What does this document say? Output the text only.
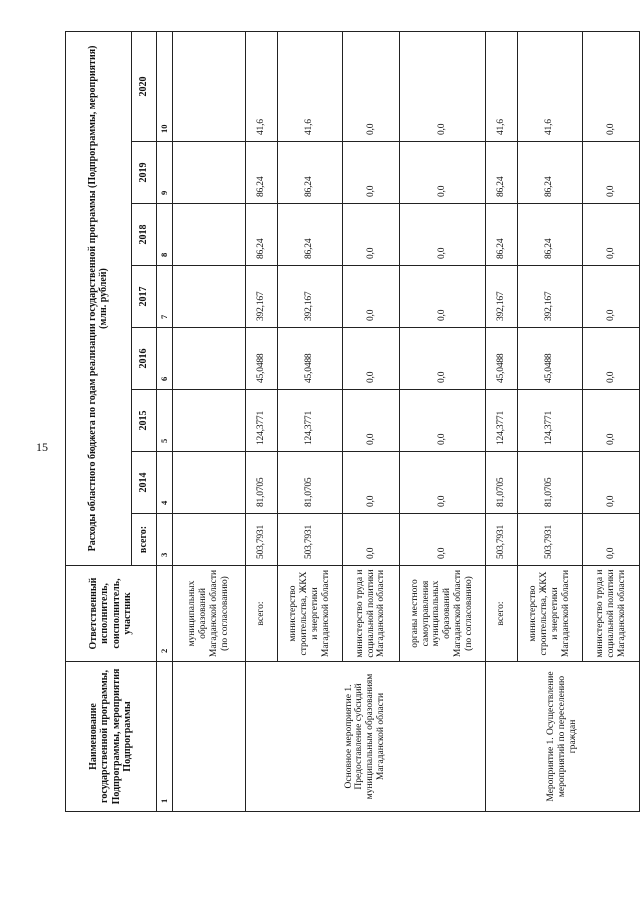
15
Наименование государственной программы, Подпрограммы, мероприятия Подпрограммы	Ответственный исполнитель, соисполнитель, участник	Расходы областного бюджета по годам реализации государственной программы (Подпрограммы, мероприятия) (млн. рублей)							
		всего:	2014	2015	2016	2017	2018	2019	2020
1	2	3	4	5	6	7	8	9	10
	муниципальных образований Магаданской области (по согласованию)								
Основное мероприятие 1. Предоставление субсидий муниципальным образованиям Магаданской области	всего:	503,7931	81,0705	124,3771	45,0488	392,167	86,24	86,24	41,6
	министерство строительства, ЖКХ и энергетики Магаданской области	503,7931	81,0705	124,3771	45,0488	392,167	86,24	86,24	41,6
	министерство труда и социальной политики Магаданской области	0,0	0,0	0,0	0,0	0,0	0,0	0,0	0,0
	органы местного самоуправления муниципальных образований Магаданской области (по согласованию)	0,0	0,0	0,0	0,0	0,0	0,0	0,0	0,0
Мероприятие 1. Осуществление мероприятий по переселению граждан	всего:	503,7931	81,0705	124,3771	45,0488	392,167	86,24	86,24	41,6
	министерство строительства, ЖКХ и энергетики Магаданской области	503,7931	81,0705	124,3771	45,0488	392,167	86,24	86,24	41,6
	министерство труда и социальной политики Магаданской области	0,0	0,0	0,0	0,0	0,0	0,0	0,0	0,0
